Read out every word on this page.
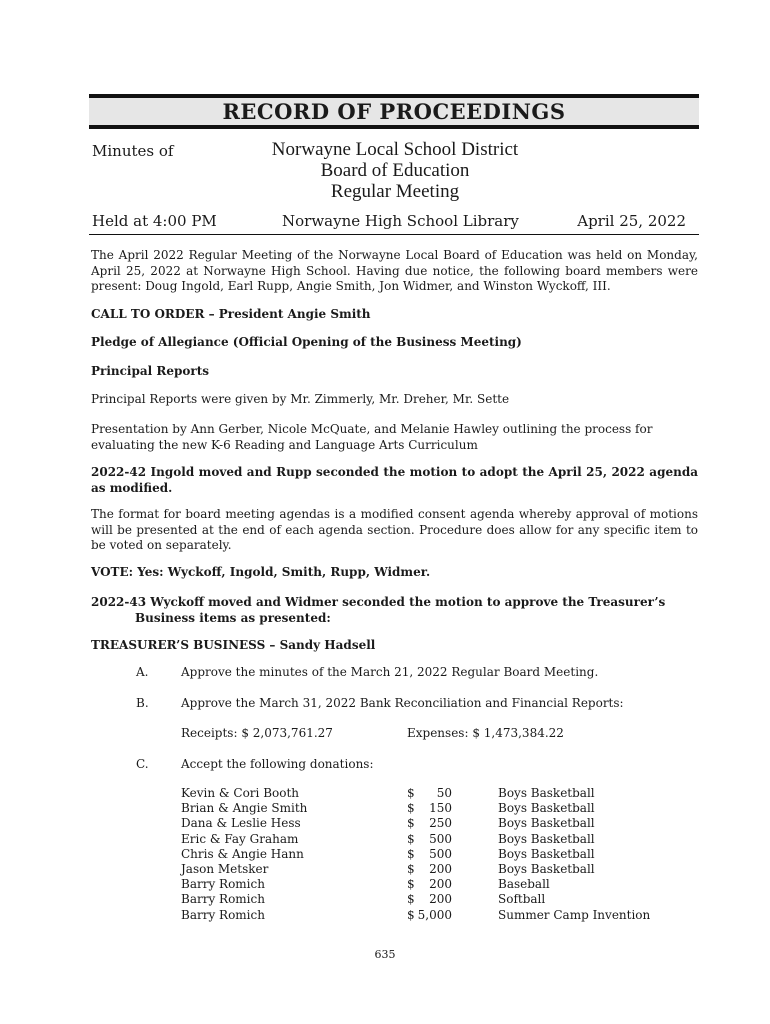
RECORD OF PROCEEDINGS
Minutes of	Norwayne Local School District
Board of Education
Regular Meeting
Held at 4:00 PM	Norwayne High School Library	April 25, 2022
The April 2022 Regular Meeting of the Norwayne Local Board of Education was held on Monday, April 25, 2022 at Norwayne High School. Having due notice, the following board members were present: Doug Ingold, Earl Rupp, Angie Smith, Jon Widmer, and Winston Wyckoff, III.
CALL TO ORDER – President Angie Smith
Pledge of Allegiance (Official Opening of the Business Meeting)
Principal Reports
Principal Reports were given by Mr. Zimmerly, Mr. Dreher, Mr. Sette
Presentation by Ann Gerber, Nicole McQuate, and Melanie Hawley outlining the process for evaluating the new K-6 Reading and Language Arts Curriculum
2022-42 Ingold moved and Rupp seconded the motion to adopt the April 25, 2022 agenda as modified.
The format for board meeting agendas is a modified consent agenda whereby approval of motions will be presented at the end of each agenda section. Procedure does allow for any specific item to be voted on separately.
VOTE: Yes: Wyckoff, Ingold, Smith, Rupp, Widmer.
2022-43 Wyckoff moved and Widmer seconded the motion to approve the Treasurer’s
Business items as presented:
TREASURER’S BUSINESS – Sandy Hadsell
A.	Approve the minutes of the March 21, 2022 Regular Board Meeting.
B.	Approve the March 31, 2022 Bank Reconciliation and Financial Reports:
Receipts: $ 2,073,761.27	Expenses: $ 1,473,384.22
C.	Accept the following donations:
Kevin & Cori Booth	$	50	Boys Basketball
Brian & Angie Smith	$	150	Boys Basketball
Dana & Leslie Hess	$	250	Boys Basketball
Eric & Fay Graham	$	500	Boys Basketball
Chris & Angie Hann	$	500	Boys Basketball
Jason Metsker	$	200	Boys Basketball
Barry Romich	$	200	Baseball
Barry Romich	$	200	Softball
Barry Romich	$ 5,000	Summer Camp Invention
635
